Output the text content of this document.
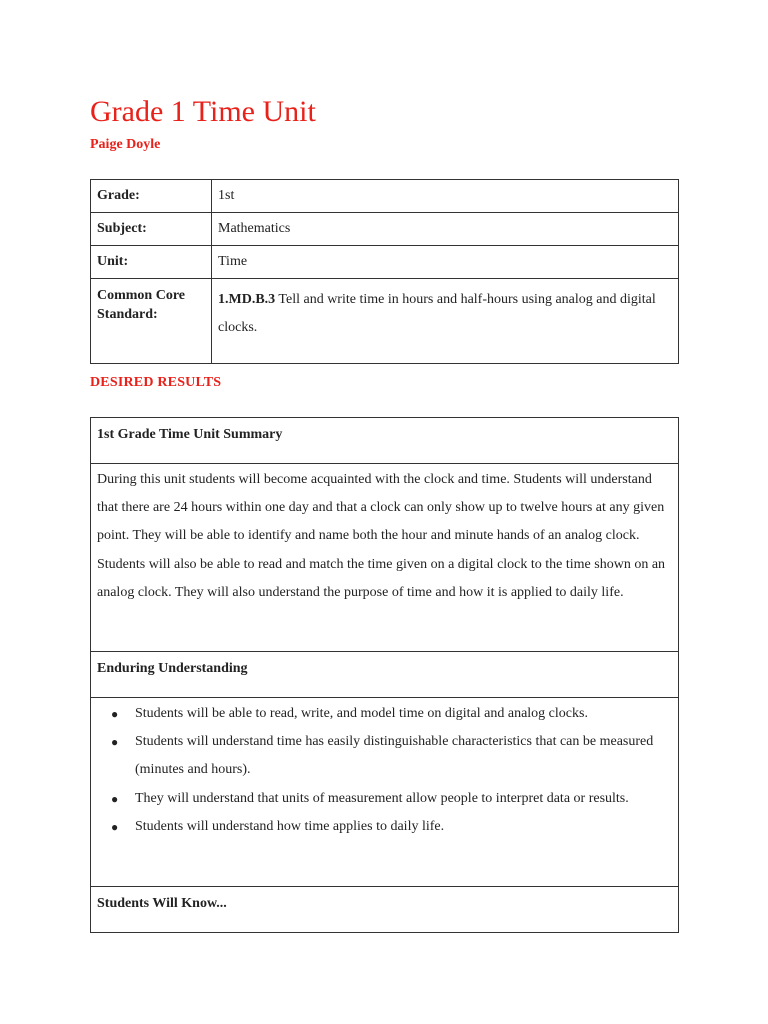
Grade 1 Time Unit
Paige Doyle
Grade:	1st
Subject:	Mathematics
Unit:	Time
Common Core Standard:	1.MD.B.3 Tell and write time in hours and half-hours using analog and digital clocks.
DESIRED RESULTS
1st Grade Time Unit Summary

During this unit students will become acquainted with the clock and time. Students will understand that there are 24 hours within one day and that a clock can only show up to twelve hours at any given point. They will be able to identify and name both the hour and minute hands of an analog clock. Students will also be able to read and match the time given on a digital clock to the time shown on an analog clock. They will also understand the purpose of time and how it is applied to daily life.

Enduring Understanding

● Students will be able to read, write, and model time on digital and analog clocks.
● Students will understand time has easily distinguishable characteristics that can be measured (minutes and hours).
● They will understand that units of measurement allow people to interpret data or results.
● Students will understand how time applies to daily life.

Students Will Know...
